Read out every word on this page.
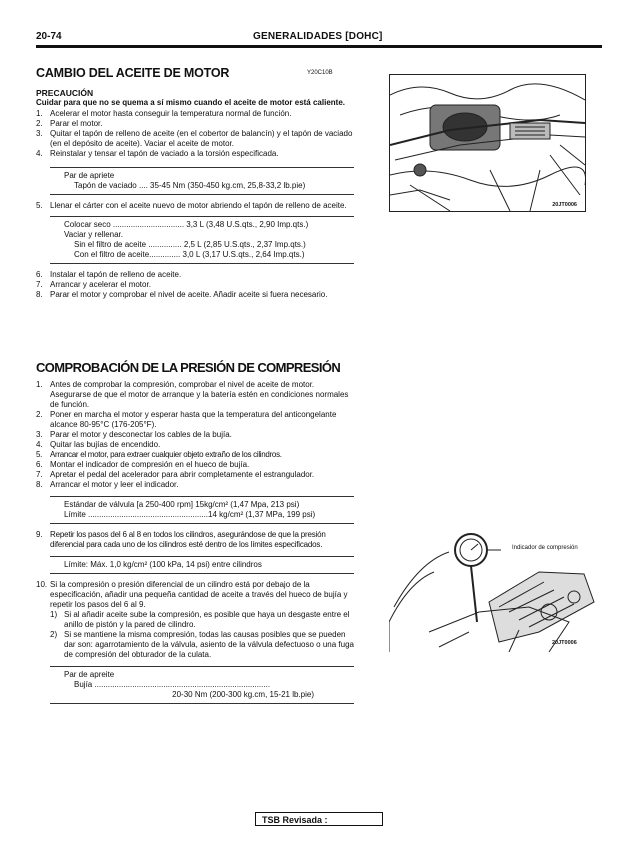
20-74	GENERALIDADES [DOHC]
CAMBIO DEL ACEITE DE MOTOR	Y20C10B

PRECAUCIÓN

Cuidar para que no se quema a sí mismo cuando el aceite de motor está caliente.

1. Acelerar el motor hasta conseguir la temperatura normal de función.
2. Parar el motor.
3. Quitar el tapón de relleno de aceite (en el cobertor de balancín) y el tapón de vaciado (en el depósito de aceite). Vaciar el aceite de motor.
4. Reinstalar y tensar el tapón de vaciado a la torsión especificada.
Par de apriete
Tapón de vaciado .... 35-45 Nm (350-450 kg.cm, 25,8-33,2 lb.pie)
5. Llenar el cárter con el aceite nuevo de motor abriendo el tapón de relleno de aceite.
Colocar seco ................................ 3,3 L (3,48 U.S.qts., 2,90 Imp.qts.)
Vaciar y rellenar.
Sin el filtro de aceite ............... 2,5 L (2,85 U.S.qts., 2,37 Imp.qts.)
Con el filtro de aceite.............. 3,0 L (3,17 U.S.qts., 2,64 Imp.qts.)
6. Instalar el tapón de relleno de aceite.
7. Arrancar y acelerar el motor.
8. Parar el motor y comprobar el nivel de aceite. Añadir aceite si fuera necesario.
20JT0006
COMPROBACIÓN DE LA PRESIÓN DE COMPRESIÓN
1. Antes de comprobar la compresión, comprobar el nivel de aceite de motor. Asegurarse de que el motor de arranque y la batería estén en condiciones normales de función.
2. Poner en marcha el motor y esperar hasta que la temperatura del anticongelante alcance 80-95°C (176-205°F).
3. Parar el motor y desconectar los cables de la bujía.
4. Quitar las bujías de encendido.
5. Arrancar el motor, para extraer cualquier objeto extraño de los cilindros.
6. Montar el indicador de compresión en el hueco de bujía.
7. Apretar el pedal del acelerador para abrir completamente el estrangulador.
8. Arrancar el motor y leer el indicador.
Estándar de válvula [a 250-400 rpm] 15kg/cm² (1,47 Mpa, 213 psi)
Límite ......................................................14 kg/cm² (1,37 MPa, 199 psi)
9. Repetir los pasos del 6 al 8 en todos los cilindros, asegurándose de que la presión diferencial para cada uno de los cilindros esté dentro de los límites especificados.
Límite: Máx. 1,0 kg/cm² (100 kPa, 14 psi) entre cilindros
10. Si la compresión o presión diferencial de un cilindro está por debajo de la especificación, añadir una pequeña cantidad de aceite a través del hueco de bujía y repetir los pasos del 6 al 9.
1) Si al añadir aceite sube la compresión, es posible que haya un desgaste entre el anillo de pistón y la pared de cilindro.
2) Si se mantiene la misma compresión, todas las causas posibles que se pueden dar son: agarrotamiento de la válvula, asiento de la válvula defectuoso o una fuga de compresión del obturador de la culata.
Par de apreite
Bujía ...............................................................................
20-30 Nm (200-300 kg.cm, 15-21 lb.pie)
Indicador de compresión
20JT0006
TSB Revisada :
